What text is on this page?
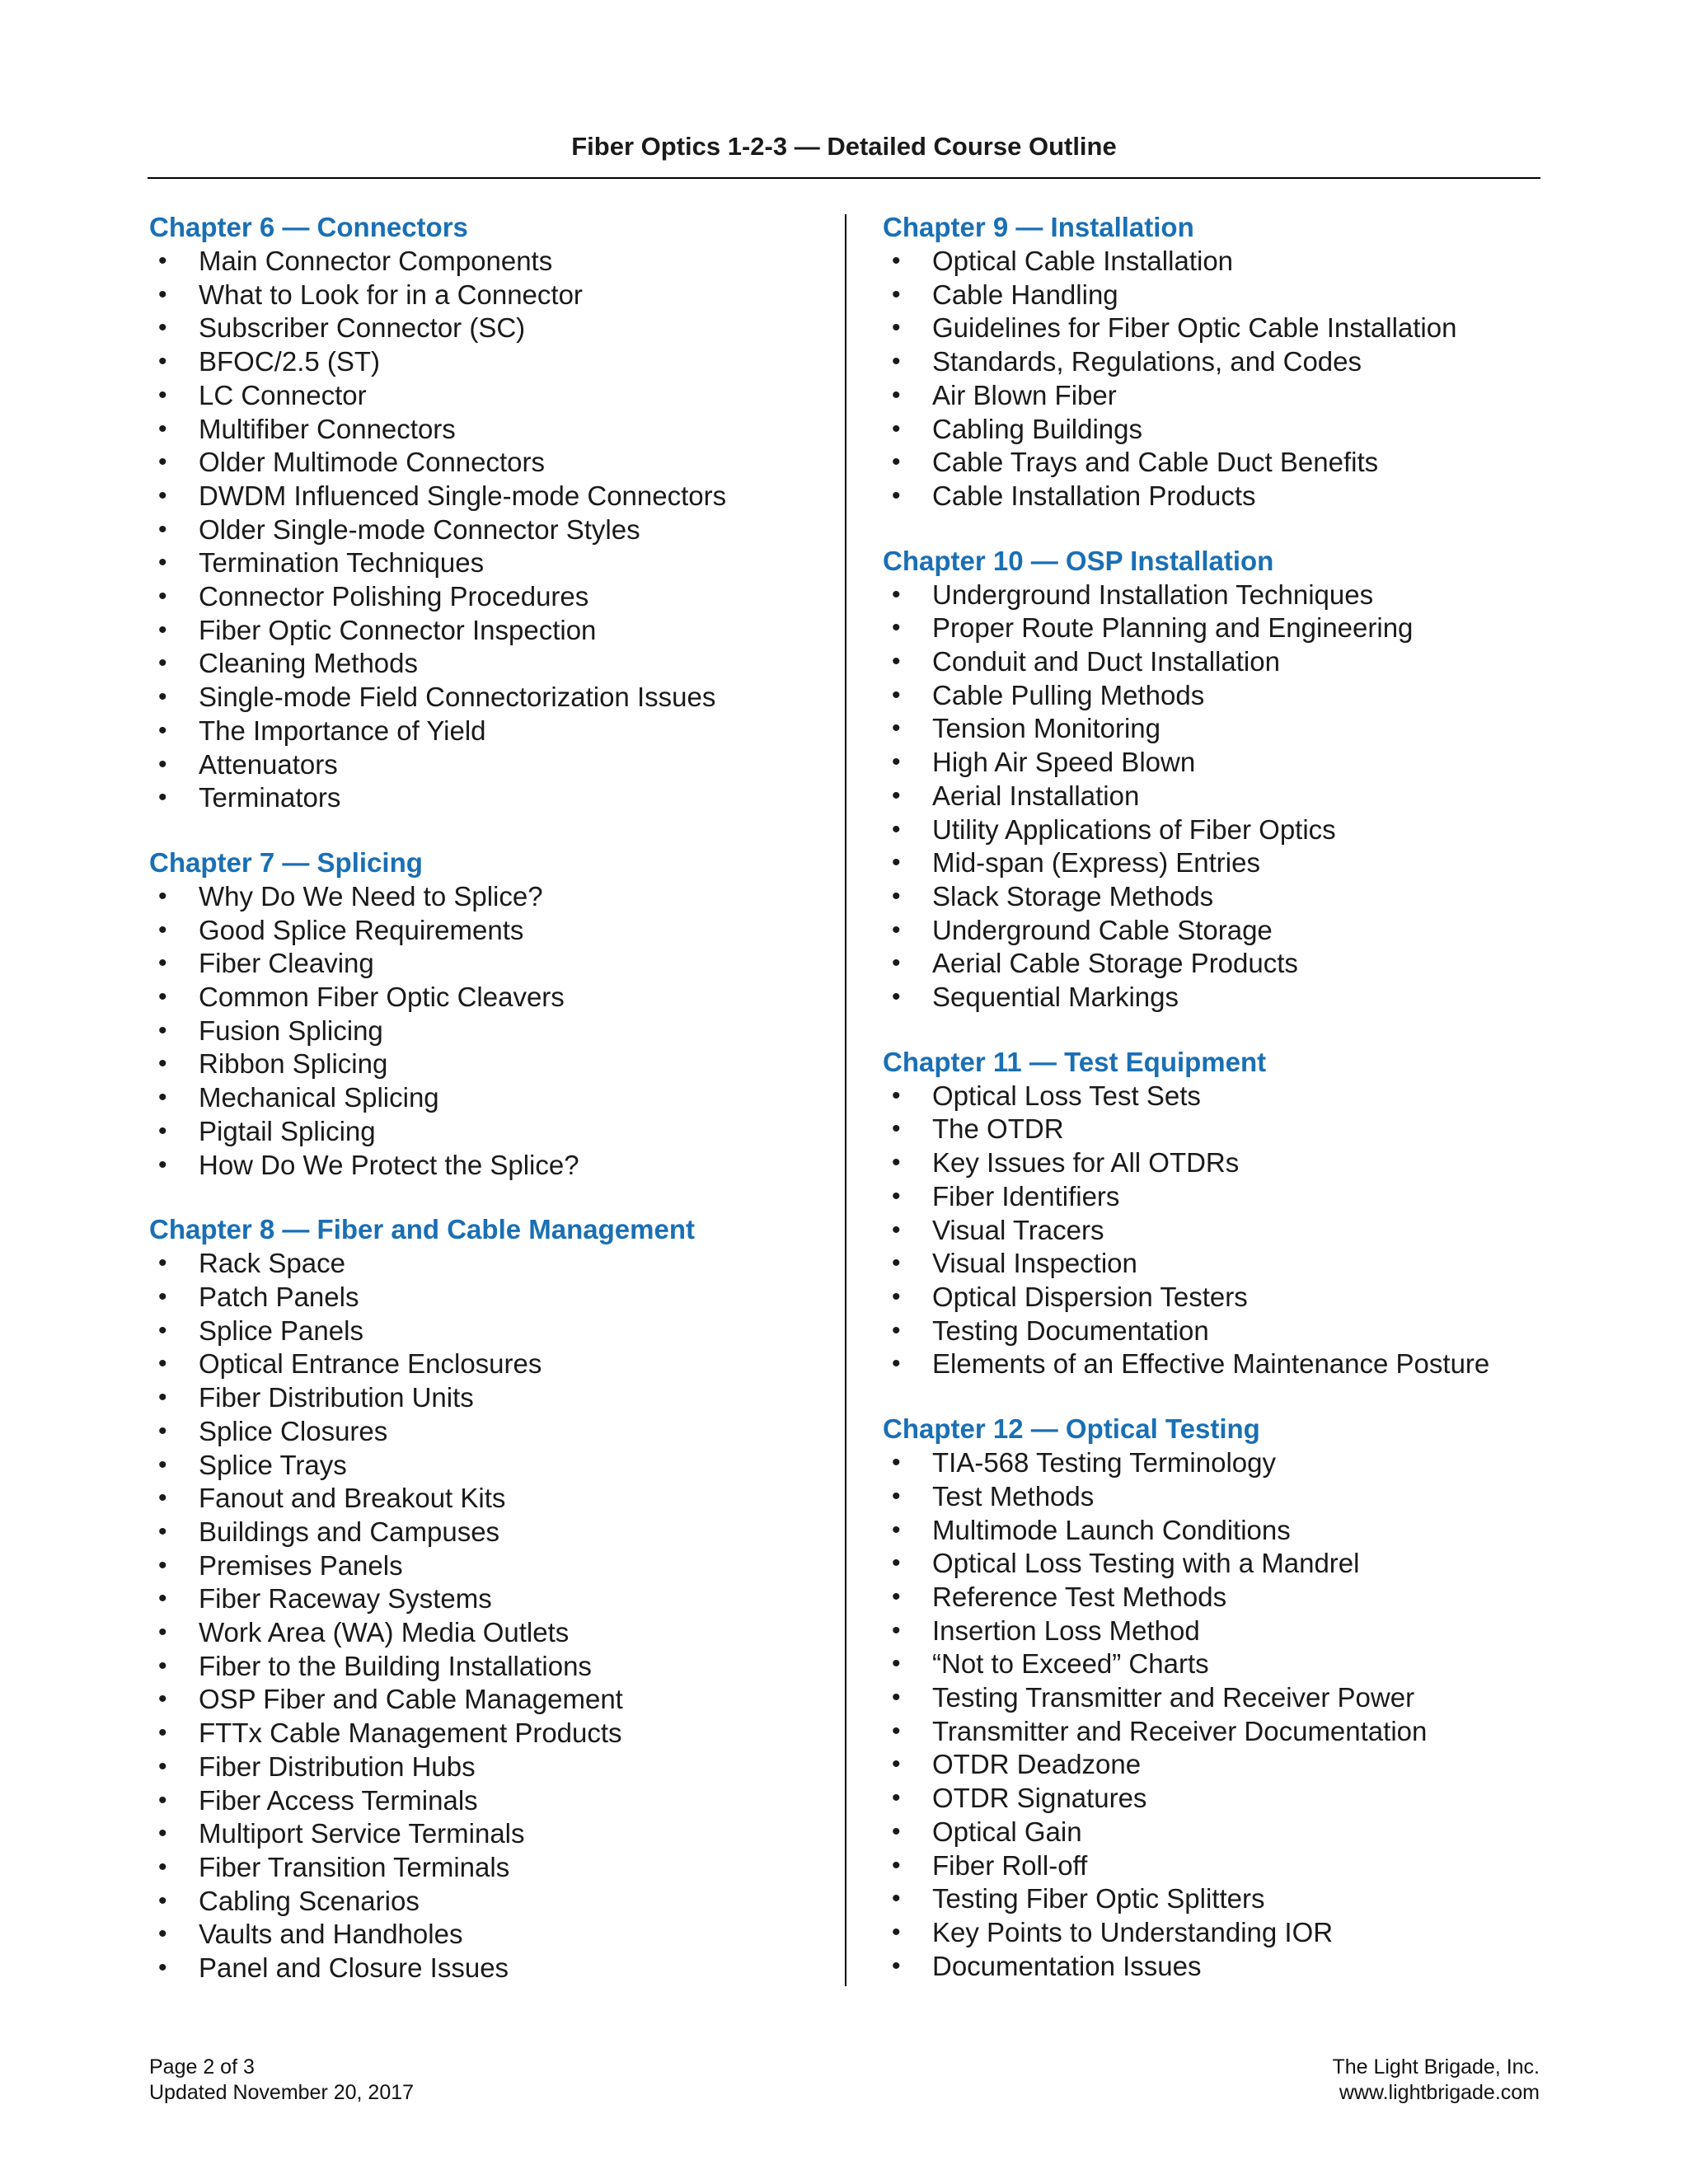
Fiber Optics 1-2-3 — Detailed Course Outline
Chapter 6 — Connectors
• Main Connector Components
• What to Look for in a Connector
• Subscriber Connector (SC)
• BFOC/2.5 (ST)
• LC Connector
• Multifiber Connectors
• Older Multimode Connectors
• DWDM Influenced Single-mode Connectors
• Older Single-mode Connector Styles
• Termination Techniques
• Connector Polishing Procedures
• Fiber Optic Connector Inspection
• Cleaning Methods
• Single-mode Field Connectorization Issues
• The Importance of Yield
• Attenuators
• Terminators
Chapter 7 — Splicing
• Why Do We Need to Splice?
• Good Splice Requirements
• Fiber Cleaving
• Common Fiber Optic Cleavers
• Fusion Splicing
• Ribbon Splicing
• Mechanical Splicing
• Pigtail Splicing
• How Do We Protect the Splice?
Chapter 8 — Fiber and Cable Management
• Rack Space
• Patch Panels
• Splice Panels
• Optical Entrance Enclosures
• Fiber Distribution Units
• Splice Closures
• Splice Trays
• Fanout and Breakout Kits
• Buildings and Campuses
• Premises Panels
• Fiber Raceway Systems
• Work Area (WA) Media Outlets
• Fiber to the Building Installations
• OSP Fiber and Cable Management
• FTTx Cable Management Products
• Fiber Distribution Hubs
• Fiber Access Terminals
• Multiport Service Terminals
• Fiber Transition Terminals
• Cabling Scenarios
• Vaults and Handholes
• Panel and Closure Issues
Chapter 9 — Installation
• Optical Cable Installation
• Cable Handling
• Guidelines for Fiber Optic Cable Installation
• Standards, Regulations, and Codes
• Air Blown Fiber
• Cabling Buildings
• Cable Trays and Cable Duct Benefits
• Cable Installation Products
Chapter 10 — OSP Installation
• Underground Installation Techniques
• Proper Route Planning and Engineering
• Conduit and Duct Installation
• Cable Pulling Methods
• Tension Monitoring
• High Air Speed Blown
• Aerial Installation
• Utility Applications of Fiber Optics
• Mid-span (Express) Entries
• Slack Storage Methods
• Underground Cable Storage
• Aerial Cable Storage Products
• Sequential Markings
Chapter 11 — Test Equipment
• Optical Loss Test Sets
• The OTDR
• Key Issues for All OTDRs
• Fiber Identifiers
• Visual Tracers
• Visual Inspection
• Optical Dispersion Testers
• Testing Documentation
• Elements of an Effective Maintenance Posture
Chapter 12 — Optical Testing
• TIA-568 Testing Terminology
• Test Methods
• Multimode Launch Conditions
• Optical Loss Testing with a Mandrel
• Reference Test Methods
• Insertion Loss Method
• “Not to Exceed” Charts
• Testing Transmitter and Receiver Power
• Transmitter and Receiver Documentation
• OTDR Deadzone
• OTDR Signatures
• Optical Gain
• Fiber Roll-off
• Testing Fiber Optic Splitters
• Key Points to Understanding IOR
• Documentation Issues
Page 2 of 3
Updated November 20, 2017
The Light Brigade, Inc.
www.lightbrigade.com
